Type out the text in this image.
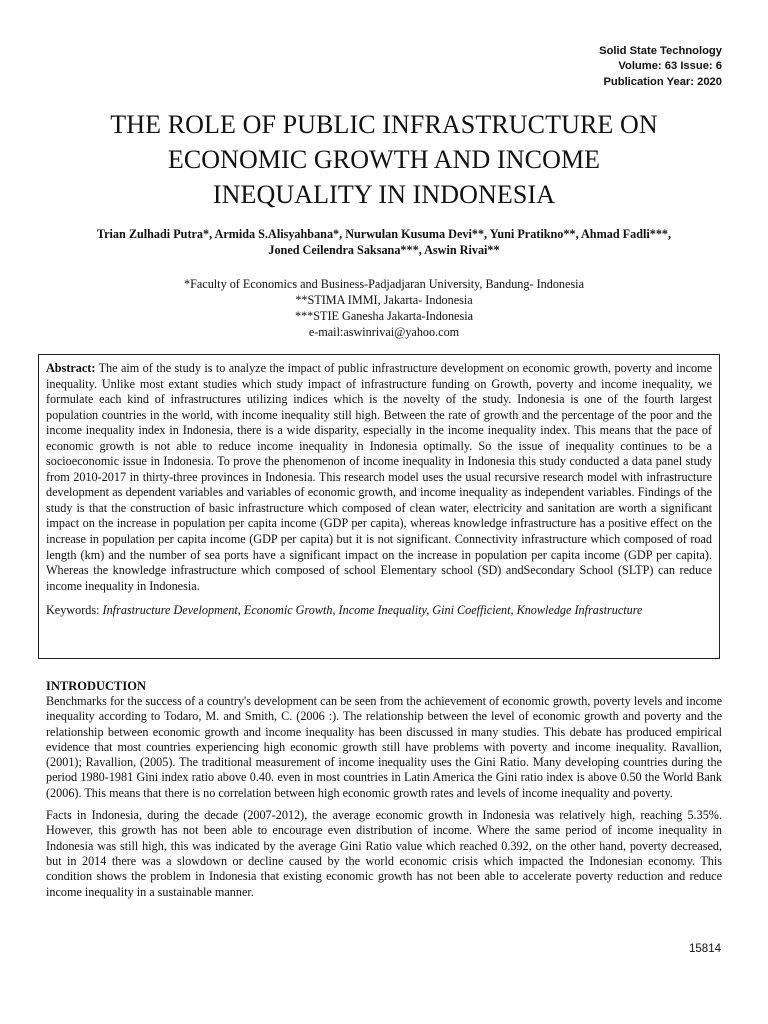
Solid State Technology
Volume: 63 Issue: 6
Publication Year: 2020
THE ROLE OF PUBLIC INFRASTRUCTURE ON
ECONOMIC GROWTH AND INCOME
INEQUALITY IN INDONESIA
Trian Zulhadi Putra*, Armida S.Alisyahbana*, Nurwulan Kusuma Devi**, Yuni Pratikno**, Ahmad Fadli***,
Joned Ceilendra Saksana***, Aswin Rivai**
*Faculty of Economics and Business-Padjadjaran University, Bandung- Indonesia
**STIMA IMMI, Jakarta- Indonesia
***STIE Ganesha Jakarta-Indonesia
e-mail:aswinrivai@yahoo.com

Abstract: The aim of the study is to analyze the impact of public infrastructure development on economic growth, poverty and income inequality. Unlike most extant studies which study impact of infrastructure funding on Growth, poverty and income inequality, we formulate each kind of infrastructures utilizing indices which is the novelty of the study. Indonesia is one of the fourth largest population countries in the world, with income inequality still high. Between the rate of growth and the percentage of the poor and the income inequality index in Indonesia, there is a wide disparity, especially in the income inequality index. This means that the pace of economic growth is not able to reduce income inequality in Indonesia optimally. So the issue of inequality continues to be a socioeconomic issue in Indonesia. To prove the phenomenon of income inequality in Indonesia this study conducted a data panel study from 2010-2017 in thirty-three provinces in Indonesia. This research model uses the usual recursive research model with infrastructure development as dependent variables and variables of economic growth, and income inequality as independent variables. Findings of the study is that the construction of basic infrastructure which composed of clean water, electricity and sanitation are worth a significant impact on the increase in population per capita income (GDP per capita), whereas knowledge infrastructure has a positive effect on the increase in population per capita income (GDP per capita) but it is not significant. Connectivity infrastructure which composed of road length (km) and the number of sea ports have a significant impact on the increase in population per capita income (GDP per capita). Whereas the knowledge infrastructure which composed of school Elementary school (SD) andSecondary School (SLTP) can reduce income inequality in Indonesia.

Keywords: Infrastructure Development, Economic Growth, Income Inequality, Gini Coefficient, Knowledge Infrastructure

INTRODUCTION

Benchmarks for the success of a country's development can be seen from the achievement of economic growth, poverty levels and income inequality according to Todaro, M. and Smith, C. (2006 :). The relationship between the level of economic growth and poverty and the relationship between economic growth and income inequality has been discussed in many studies. This debate has produced empirical evidence that most countries experiencing high economic growth still have problems with poverty and income inequality. Ravallion, (2001); Ravallion, (2005). The traditional measurement of income inequality uses the Gini Ratio. Many developing countries during the period 1980-1981 Gini index ratio above 0.40. even in most countries in Latin America the Gini ratio index is above 0.50 the World Bank (2006). This means that there is no correlation between high economic growth rates and levels of income inequality and poverty.

Facts in Indonesia, during the decade (2007-2012), the average economic growth in Indonesia was relatively high, reaching 5.35%. However, this growth has not been able to encourage even distribution of income. Where the same period of income inequality in Indonesia was still high, this was indicated by the average Gini Ratio value which reached 0.392, on the other hand, poverty decreased, but in 2014 there was a slowdown or decline caused by the world economic crisis which impacted the Indonesian economy. This condition shows the problem in Indonesia that existing economic growth has not been able to accelerate poverty reduction and reduce income inequality in a sustainable manner.

15814
